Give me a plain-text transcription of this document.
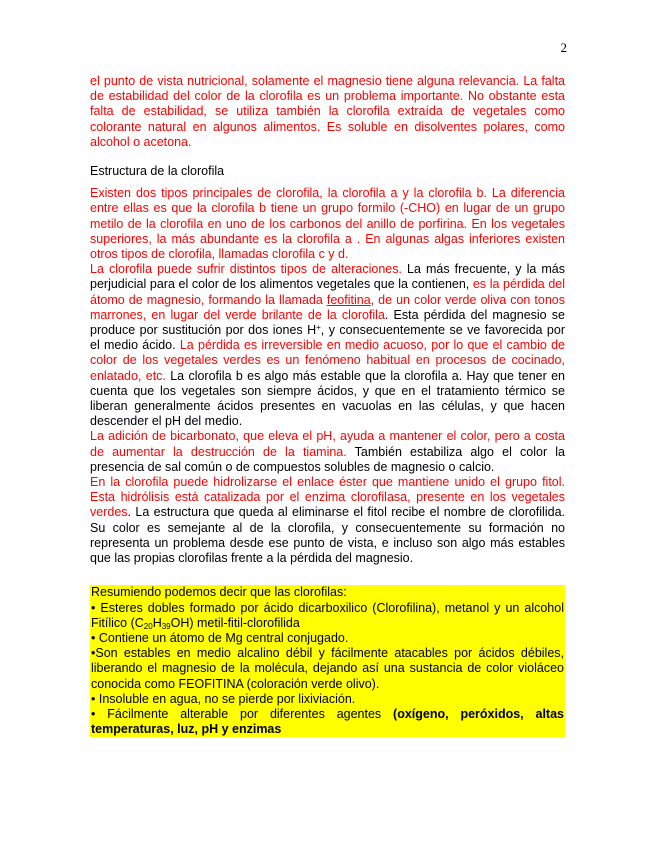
2

el punto de vista nutricional, solamente el magnesio tiene alguna relevancia. La falta de estabilidad del color de la clorofila es un problema importante. No obstante esta falta de estabilidad, se utiliza también la clorofila extraída de vegetales como colorante natural en algunos alimentos. Es soluble en disolventes polares, como alcohol o acetona.

Estructura de la clorofila

Existen dos tipos principales de clorofila, la clorofila a y la clorofila b. La diferencia entre ellas es que la clorofila b tiene un grupo formilo (-CHO) en lugar de un grupo metilo de la clorofila en uno de los carbonos del anillo de porfirina. En los vegetales superiores, la más abundante es la clorofila a . En algunas algas inferiores existen otros tipos de clorofila, llamadas clorofila c y d.

La clorofila puede sufrir distintos tipos de alteraciones. La más frecuente, y la más perjudicial para el color de los alimentos vegetales que la contienen, es la pérdida del átomo de magnesio, formando la llamada feofitina, de un color verde oliva con tonos marrones, en lugar del verde brilante de la clorofila. Esta pérdida del magnesio se produce por sustitución por dos iones H+, y consecuentemente se ve favorecida por el medio ácido. La pérdida es irreversible en medio acuoso, por lo que el cambio de color de los vegetales verdes es un fenómeno habitual en procesos de cocinado, enlatado, etc. La clorofila b es algo más estable que la clorofila a. Hay que tener en cuenta que los vegetales son siempre ácidos, y que en el tratamiento térmico se liberan generalmente ácidos presentes en vacuolas en las células, y que hacen descender el pH del medio.

La adición de bicarbonato, que eleva el pH, ayuda a mantener el color, pero a costa de aumentar la destrucción de la tiamina. También estabiliza algo el color la presencia de sal común o de compuestos solubles de magnesio o calcio.

En la clorofila puede hidrolizarse el enlace éster que mantiene unido el grupo fitol. Esta hidrólisis está catalizada por el enzima clorofilasa, presente en los vegetales verdes. La estructura que queda al eliminarse el fitol recibe el nombre de clorofilida. Su color es semejante al de la clorofila, y consecuentemente su formación no representa un problema desde ese punto de vista, e incluso son algo más estables que las propias clorofilas frente a la pérdida del magnesio.

Resumiendo podemos decir que las clorofilas:

• Esteres dobles formado por ácido dicarboxilico (Clorofilina), metanol y un alcohol Fitílico $(C_{20}H_{39}OH)$ metil-fitil-clorofilida

• Contiene un átomo de Mg central conjugado.

•Son estables en medio alcalino débil y fácilmente atacables por ácidos débiles, liberando el magnesio de la molécula, dejando así una sustancia de color violáceo conocida como FEOFITINA (coloración verde olivo).

• Insoluble en agua, no se pierde por lixiviación.

• Fácilmente alterable por diferentes agentes (oxígeno, peróxidos, altas temperaturas, luz, pH y enzimas
